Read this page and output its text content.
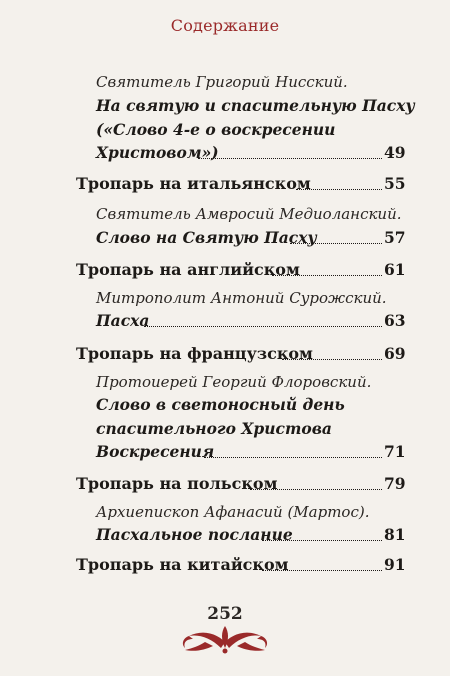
Содержание
Святитель Григорий Нисский.
На святую и спасительную Пасху
(«Слово 4-е о воскресении
Христовом»)	49
Тропарь на итальянском	55
Святитель Амвросий Медиоланский.
Слово на Святую Пасху	57
Тропарь на английском	61
Митрополит Антоний Сурожский.
Пасха	63
Тропарь на французском	69
Протоиерей Георгий Флоровский.
Слово в светоносный день
спасительного Христова
Воскресения	71
Тропарь на польском	79
Архиепископ Афанасий (Мартос).
Пасхальное послание	81
Тропарь на китайском	91
252
